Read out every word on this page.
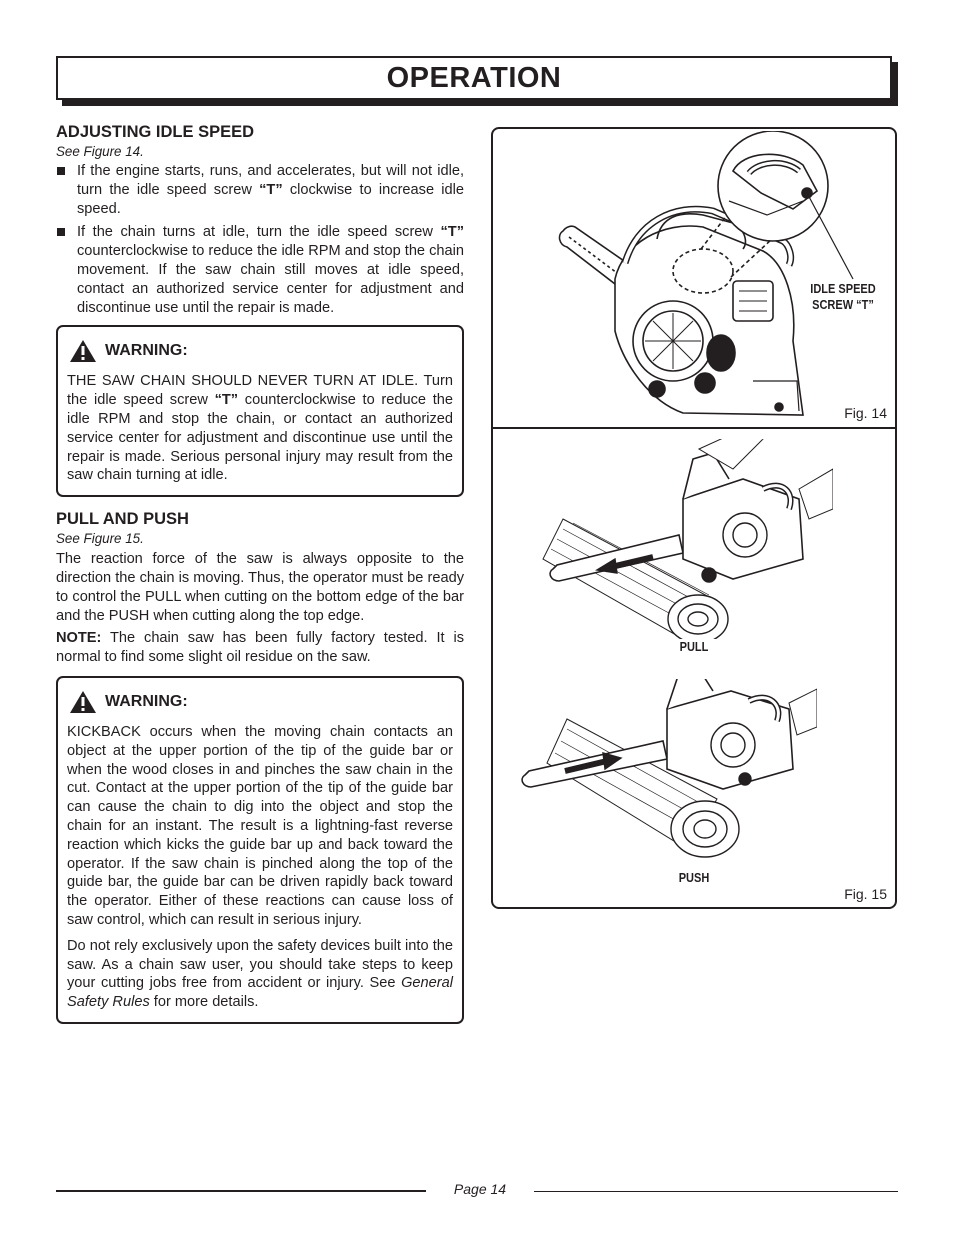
OPERATION
ADJUSTING IDLE SPEED
See Figure 14.
If the engine starts, runs, and accelerates, but will not idle, turn the idle speed screw “T” clockwise to increase idle speed.
If the chain turns at idle, turn the idle speed screw “T” counterclockwise to reduce the idle RPM and stop the chain movement. If the saw chain still moves at idle speed, contact an authorized service center for adjustment and discontinue use until the repair is made.
WARNING:

THE SAW CHAIN SHOULD NEVER TURN AT IDLE. Turn the idle speed screw “T” counterclockwise to reduce the idle RPM and stop the chain, or contact an authorized service center for adjustment and discontinue use until the repair is made. Serious personal injury may result from the saw chain turning at idle.

PULL AND PUSH
See Figure 15.

The reaction force of the saw is always opposite to the direction the chain is moving. Thus, the operator must be ready to control the PULL when cutting on the bottom edge of the bar and the PUSH when cutting along the top edge.

NOTE: The chain saw has been fully factory tested. It is normal to find some slight oil residue on the saw.

WARNING:

KICKBACK occurs when the moving chain contacts an object at the upper portion of the tip of the guide bar or when the wood closes in and pinches the saw chain in the cut. Contact at the upper portion of the tip of the guide bar can cause the chain to dig into the object and stop the chain for an instant. The result is a lightning-fast reverse reaction which kicks the guide bar up and back toward the operator. If the saw chain is pinched along the top of the guide bar, the guide bar can be driven rapidly back toward the operator. Either of these reactions can cause loss of saw control, which can result in serious injury.

Do not rely exclusively upon the safety devices built into the saw. As a chain saw user, you should take steps to keep your cutting jobs free from accident or injury. See General Safety Rules for more details.

IDLE SPEED
SCREW “T”
Fig. 14
PULL
PUSH
Fig. 15
Page 14
